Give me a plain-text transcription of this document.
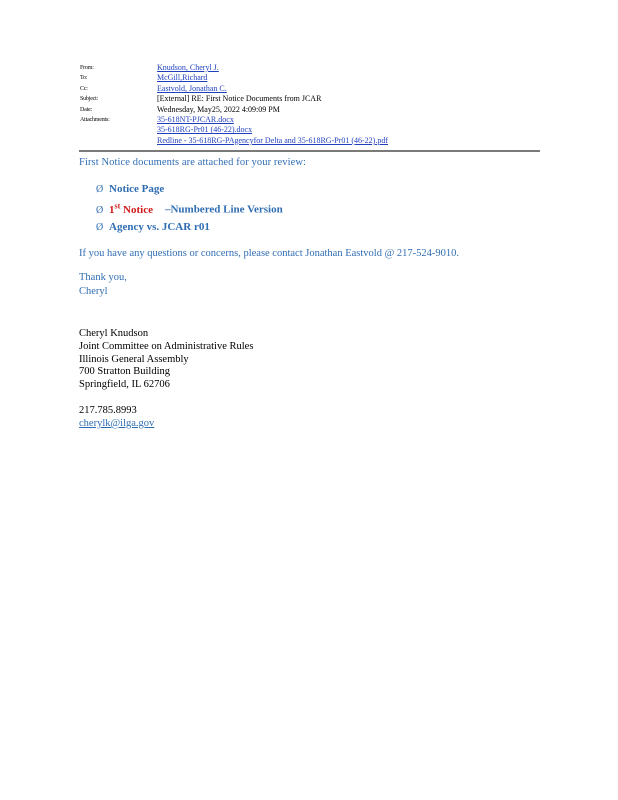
From:	Knudson, Cheryl J.
To:	McGill,Richard
Cc:	Eastvold, Jonathan C.
Subject:	[External] RE: First Notice Documents from JCAR
Date:	Wednesday, May25, 2022 4:09:09 PM
Attachments:	35-618NT-PJCAR.docx
35-618RG-Pr01 (46-22).docx
Redline - 35-618RG-PAgencyfor Delta and 35-618RG-Pr01 (46-22).pdf

First Notice documents are attached for your review:

Ø Notice Page
Ø 1st Notice –Numbered Line Version
Ø Agency vs. JCAR r01

If you have any questions or concerns, please contact Jonathan Eastvold @ 217-524-9010.

Thank you,
Cheryl
Cheryl Knudson
Joint Committee on Administrative Rules
Illinois General Assembly
700 Stratton Building
Springfield, IL 62706
217.785.8993
cherylk@ilga.gov
